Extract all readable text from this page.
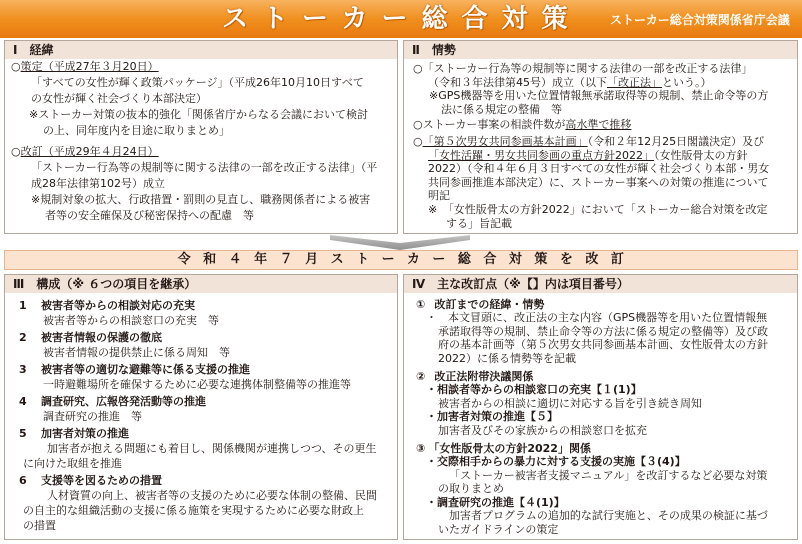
ストーカー総合対策 ストーカー総合対策関係省庁会議
Ⅰ　経緯
○策定（平成27年３月20日）
「すべての女性が輝く政策パッケージ」（平成26年10月10日すべて
の女性が輝く社会づくり本部決定）
※ストーカー対策の抜本的強化「関係省庁からなる会議において検討
の上、同年度内を目途に取りまとめ」
○改訂（平成29年４月24日）
「ストーカー行為等の規制等に関する法律の一部を改正する法律」（平
成28年法律第102号）成立
※規制対象の拡大、行政措置・罰則の見直し、職務関係者による被害
者等の安全確保及び秘密保持への配慮　等
Ⅱ　情勢
○「ストーカー行為等の規制等に関する法律の一部を改正する法律」
（令和３年法律第45号）成立（以下「改正法」という。）
※GPS機器等を用いた位置情報無承諾取得等の規制、禁止命令等の方
法に係る規定の整備　等
○ストーカー事案の相談件数が高水準で推移
○「第５次男女共同参画基本計画」（令和２年12月25日閣議決定）及び
「女性活躍・男女共同参画の重点方針2022」（女性版骨太の方針
2022）（令和４年６月３日すべての女性が輝く社会づくり本部・男女
共同参画推進本部決定）に、ストーカー事案への対策の推進について
明記
※　「女性版骨太の方針2022」において「ストーカー総合対策を改定
する」旨記載
令和４年７月ストーカー総合対策を改訂
Ⅲ　構成（※ ６つの項目を継承）
1 被害者等からの相談対応の充実
被害者等からの相談窓口の充実　等
2 被害者情報の保護の徹底
被害者情報の提供禁止に係る周知　等
3 被害者等の適切な避難等に係る支援の推進
一時避難場所を確保するために必要な連携体制整備等の推進等
4 調査研究、広報啓発活動等の推進
調査研究の推進　等
5 加害者対策の推進
加害者が抱える問題にも着目し、関係機関が連携しつつ、その更生
に向けた取組を推進
6 支援等を図るための措置
人材資質の向上、被害者等の支援のために必要な体制の整備、民間
の自主的な組織活動の支援に係る施策を実現するために必要な財政上
の措置
Ⅳ　主な改訂点（※【】内は項目番号）
① 改訂までの経緯・情勢
・　本文冒頭に、改正法の主な内容（GPS機器等を用いた位置情報無
承諾取得等の規制、禁止命令等の方法に係る規定の整備等）及び政
府の基本計画等（第５次男女共同参画基本計画、女性版骨太の方針
2022）に係る情勢等を記載
② 改正法附帯決議関係
・相談者等からの相談窓口の充実【１(1)】
被害者からの相談に適切に対応する旨を引き続き周知
・加害者対策の推進【５】
加害者及びその家族からの相談窓口を拡充
③ 「女性版骨太の方針2022」関係
・交際相手からの暴力に対する支援の実施【３(4)】
「ストーカー被害者支援マニュアル」を改訂するなど必要な対策
の取りまとめ
・調査研究の推進【４(1)】
加害者プログラムの追加的な試行実施と、その成果の検証に基づ
いたガイドラインの策定
